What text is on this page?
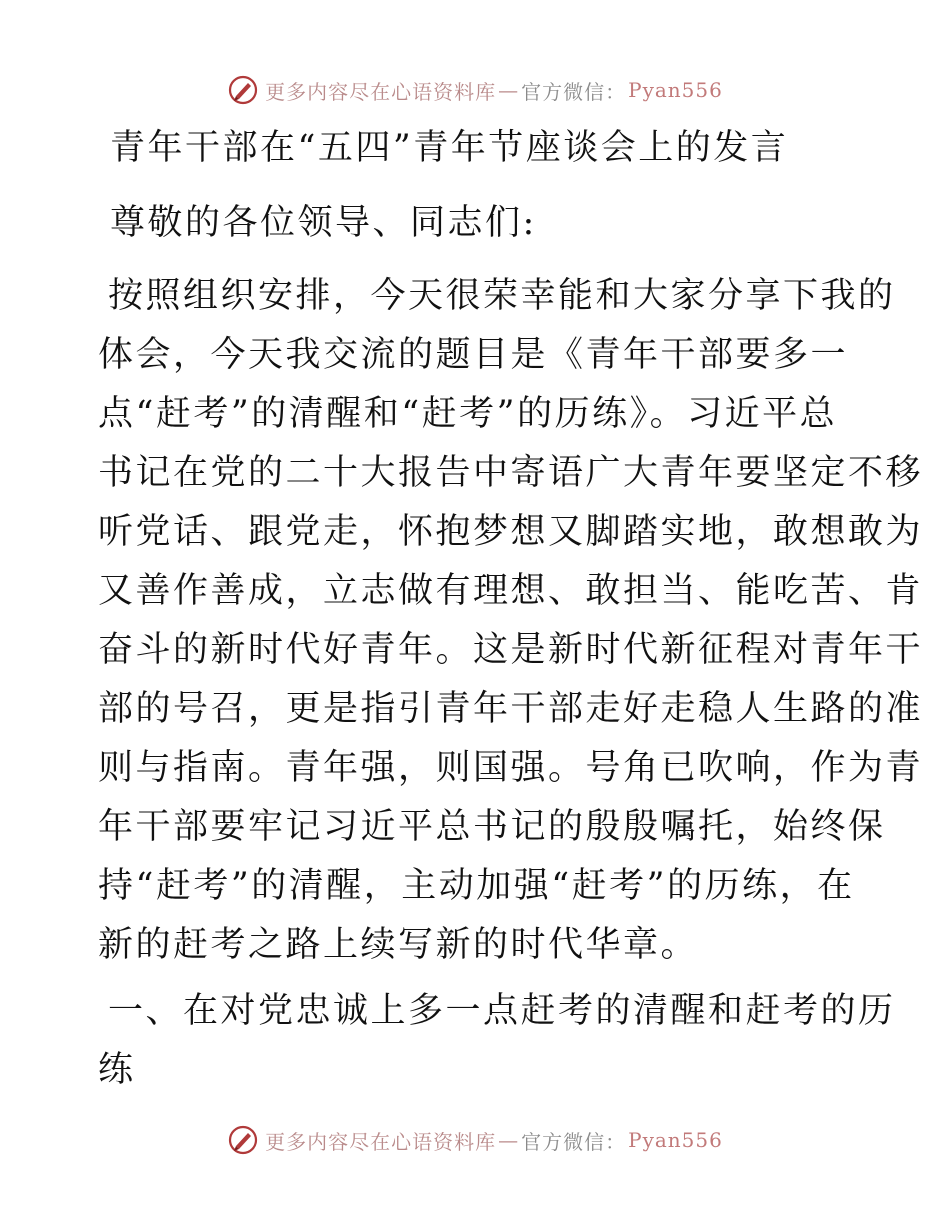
更多内容尽在心语资料库 — 官方微信： Pyan556

青年干部在“五四”青年节座谈会上的发言

尊敬的各位领导、同志们:

按照组织安排，今天很荣幸能和大家分享下我的
体会，今天我交流的题目是《青年干部要多一
点“赶考”的清醒和“赶考”的历练》。习近平总
书记在党的二十大报告中寄语广大青年要坚定不移
听党话、跟党走，怀抱梦想又脚踏实地，敢想敢为
又善作善成，立志做有理想、敢担当、能吃苦、肯
奋斗的新时代好青年。这是新时代新征程对青年干
部的号召，更是指引青年干部走好走稳人生路的准
则与指南。青年强，则国强。号角已吹响，作为青
年干部要牢记习近平总书记的殷殷嘱托，始终保
持“赶考”的清醒，主动加强“赶考”的历练，在
新的赶考之路上续写新的时代华章。
一、在对党忠诚上多一点赶考的清醒和赶考的历
练
更多内容尽在心语资料库 — 官方微信： Pyan556
